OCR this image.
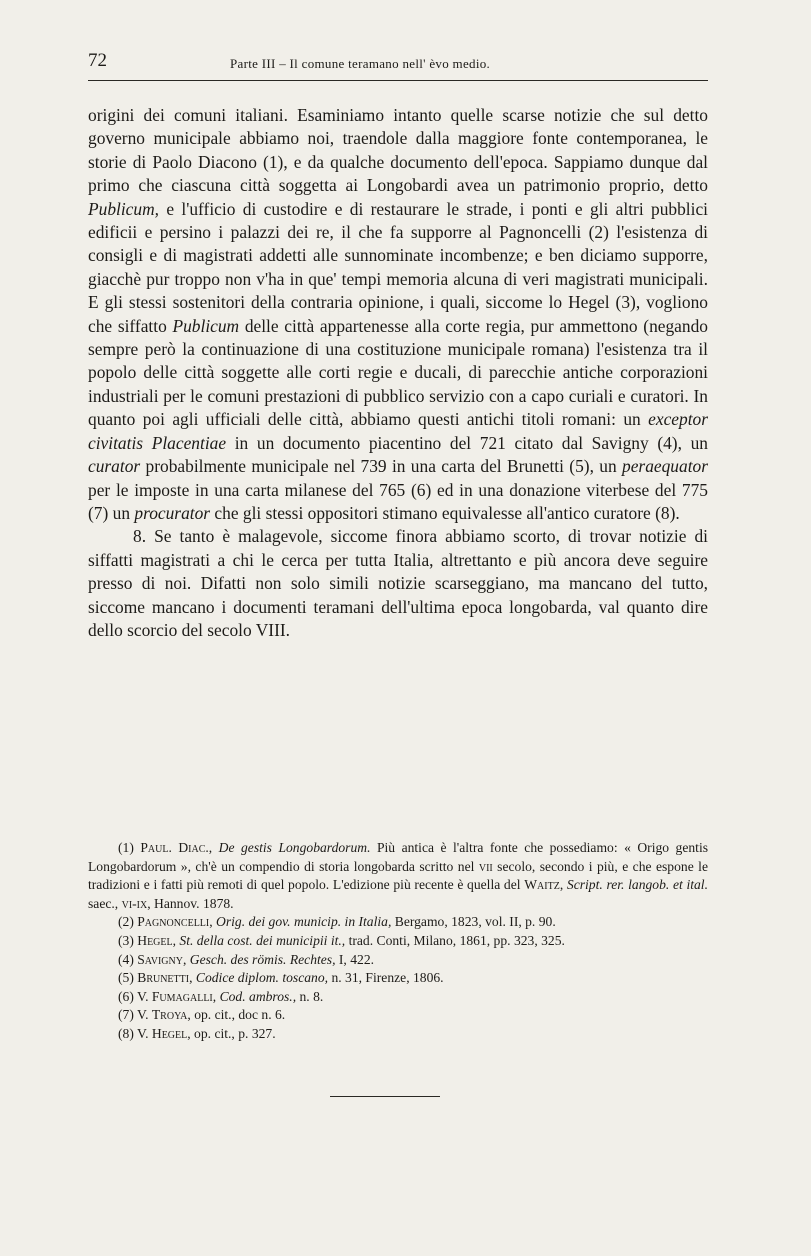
72	Parte III – Il comune teramano nell' èvo medio.

origini dei comuni italiani. Esaminiamo intanto quelle scarse notizie che sul detto governo municipale abbiamo noi, traendole dalla maggiore fonte contemporanea, le storie di Paolo Diacono (1), e da qualche documento dell'epoca. Sappiamo dunque dal primo che ciascuna città soggetta ai Longobardi avea un patrimonio proprio, detto Publicum, e l'ufficio di custodire e di restaurare le strade, i ponti e gli altri pubblici edificii e persino i palazzi dei re, il che fa supporre al Pagnoncelli (2) l'esistenza di consigli e di magistrati addetti alle sunnominate incombenze; e ben diciamo supporre, giacchè pur troppo non v'ha in que' tempi memoria alcuna di veri magistrati municipali. E gli stessi sostenitori della contraria opinione, i quali, siccome lo Hegel (3), vogliono che siffatto Publicum delle città appartenesse alla corte regia, pur ammettono (negando sempre però la continuazione di una costituzione municipale romana) l'esistenza tra il popolo delle città soggette alle corti regie e ducali, di parecchie antiche corporazioni industriali per le comuni prestazioni di pubblico servizio con a capo curiali e curatori. In quanto poi agli ufficiali delle città, abbiamo questi antichi titoli romani: un exceptor civitatis Placentiae in un documento piacentino del 721 citato dal Savigny (4), un curator probabilmente municipale nel 739 in una carta del Brunetti (5), un peraequator per le imposte in una carta milanese del 765 (6) ed in una donazione viterbese del 775 (7) un procurator che gli stessi oppositori stimano equivalesse all'antico curatore (8).

8. Se tanto è malagevole, siccome finora abbiamo scorto, di trovar notizie di siffatti magistrati a chi le cerca per tutta Italia, altrettanto e più ancora deve seguire presso di noi. Difatti non solo simili notizie scarseggiano, ma mancano del tutto, siccome mancano i documenti teramani dell'ultima epoca longobarda, val quanto dire dello scorcio del secolo VIII.

(1) Paul. Diac., De gestis Longobardorum. Più antica è l'altra fonte che possediamo: « Origo gentis Longobardorum », ch'è un compendio di storia longobarda scritto nel vii secolo, secondo i più, e che espone le tradizioni e i fatti più remoti di quel popolo. L'edizione più recente è quella del Waitz, Script. rer. langob. et ital. saec., vi-ix, Hannov. 1878.

(2) Pagnoncelli, Orig. dei gov. municip. in Italia, Bergamo, 1823, vol. II, p. 90.

(3) Hegel, St. della cost. dei municipii it., trad. Conti, Milano, 1861, pp. 323, 325.

(4) Savigny, Gesch. des römis. Rechtes, I, 422.

(5) Brunetti, Codice diplom. toscano, n. 31, Firenze, 1806.

(6) V. Fumagalli, Cod. ambros., n. 8.

(7) V. Troya, op. cit., doc n. 6.

(8) V. Hegel, op. cit., p. 327.
